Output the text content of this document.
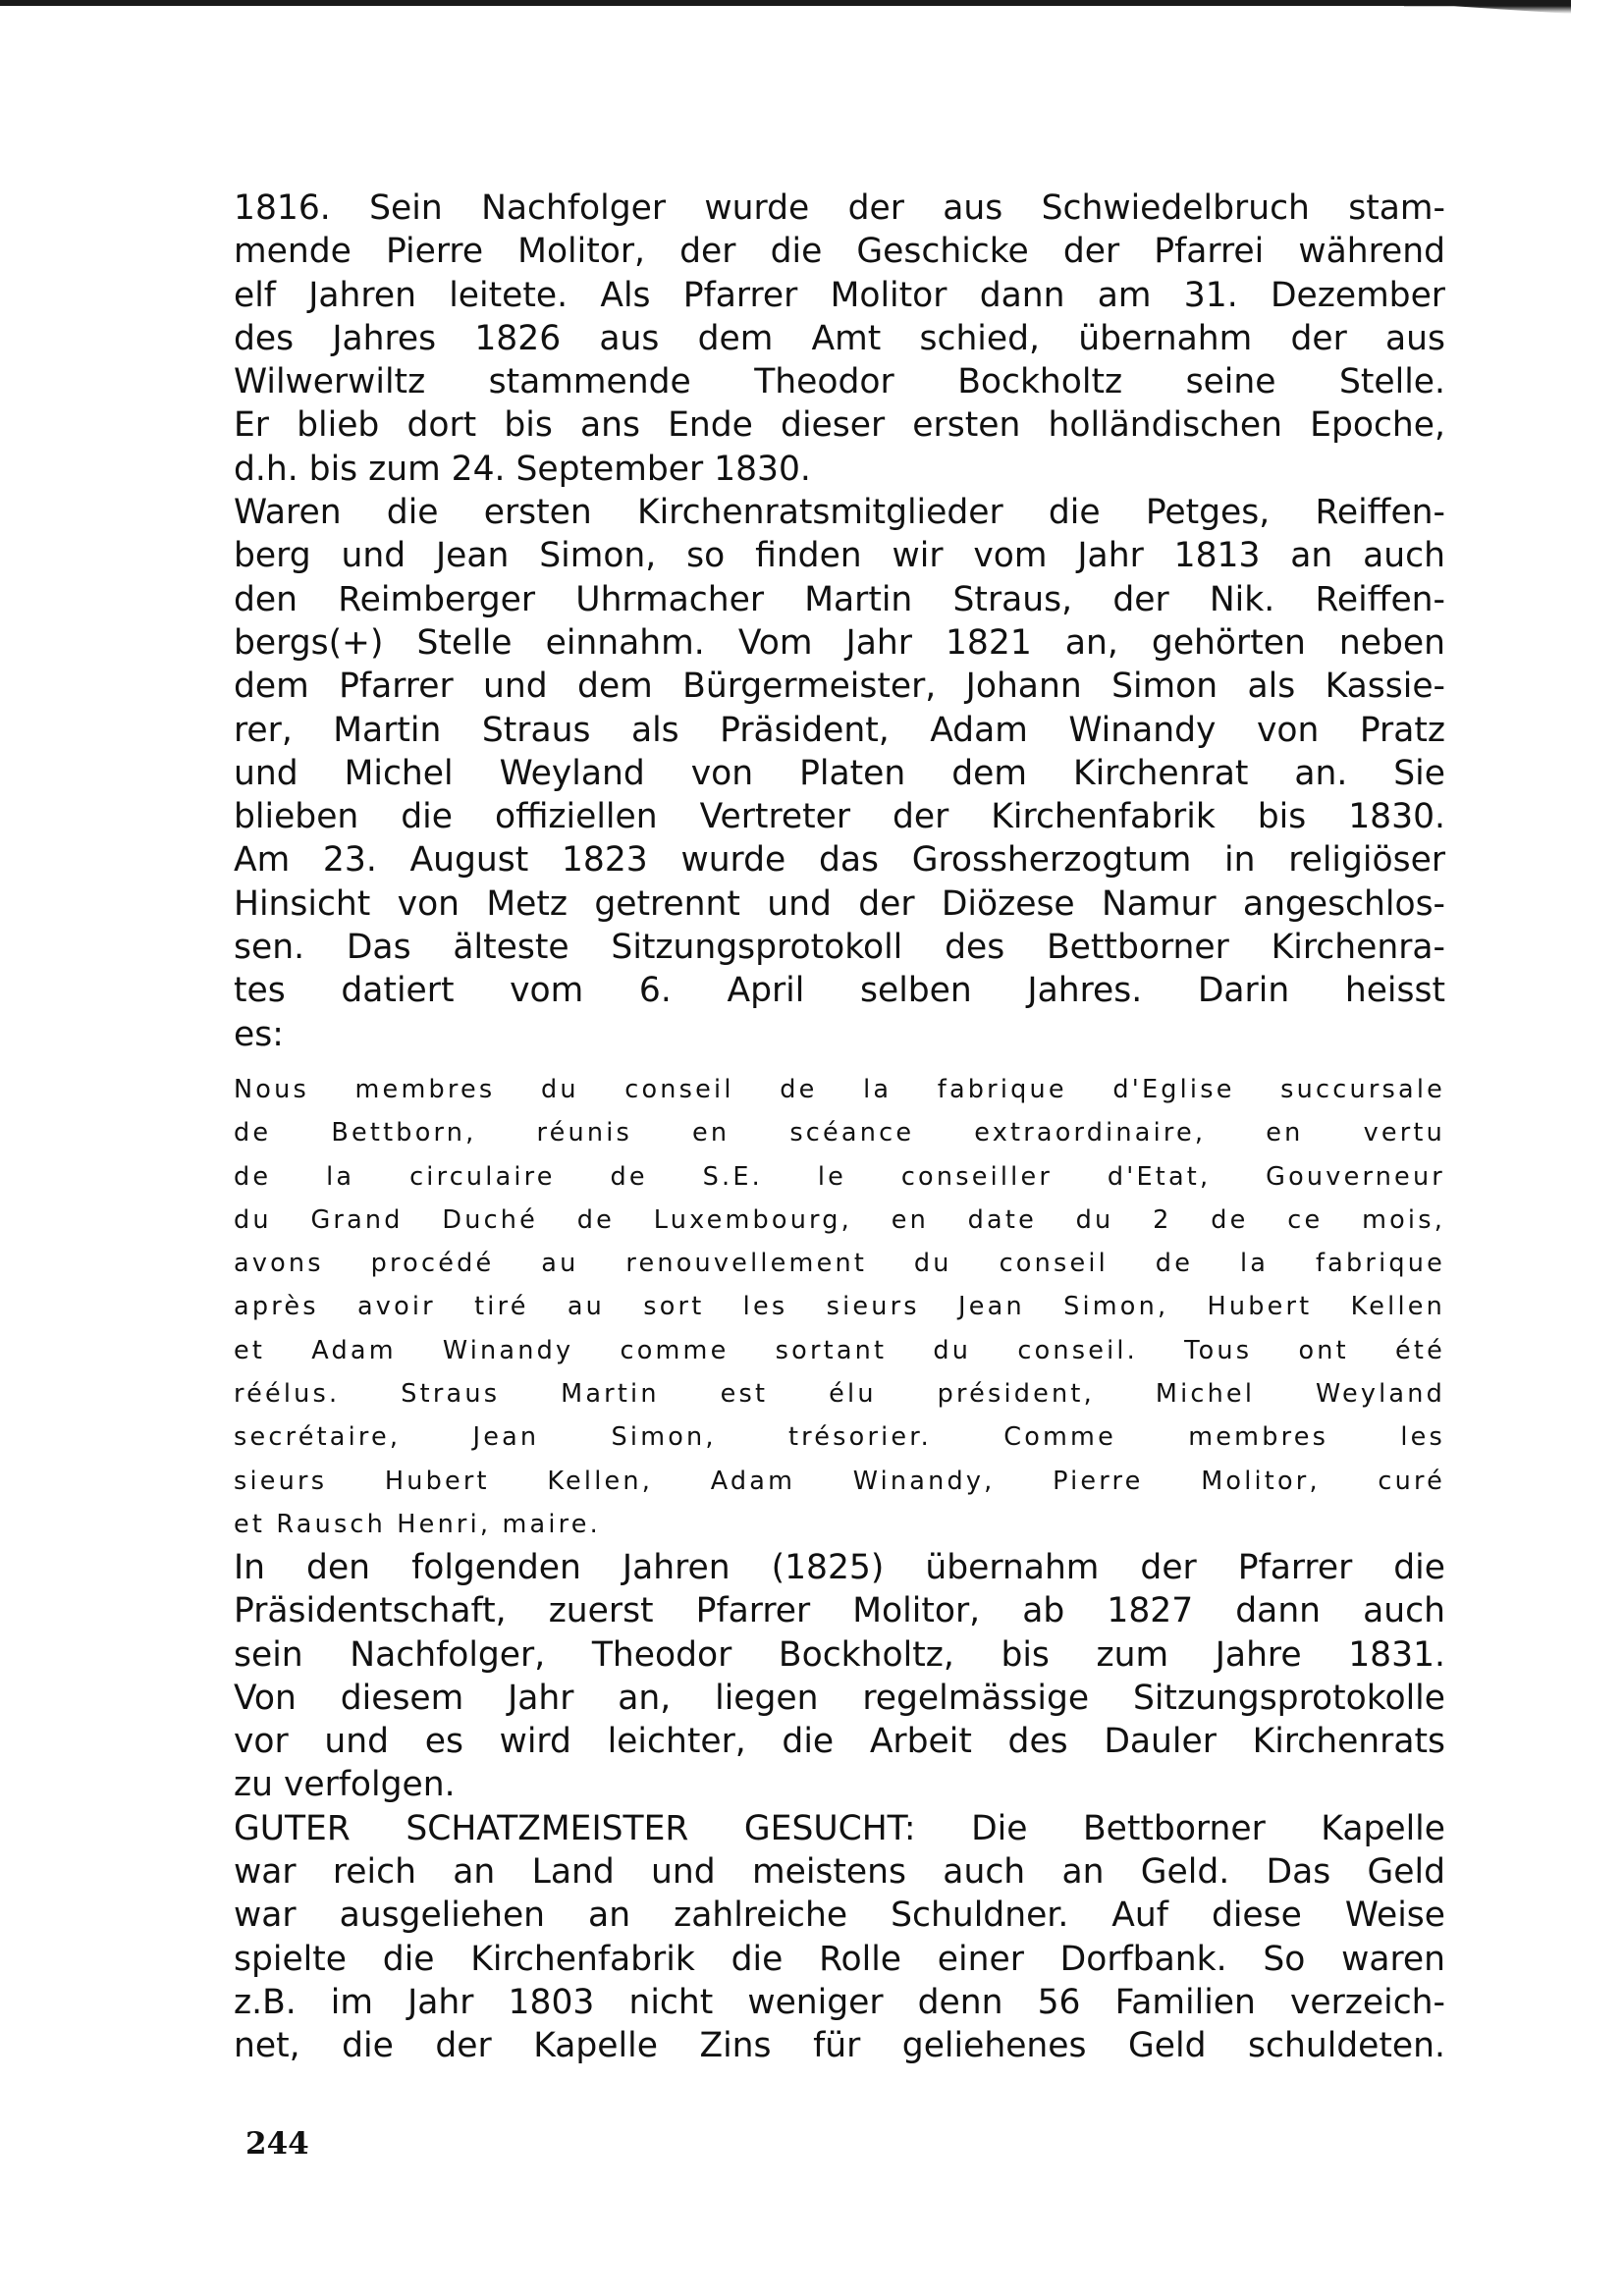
1816. Sein Nachfolger wurde der aus Schwiedelbruch stam-
mende Pierre Molitor, der die Geschicke der Pfarrei während
elf Jahren leitete. Als Pfarrer Molitor dann am 31. Dezember
des Jahres 1826 aus dem Amt schied, übernahm der aus
Wilwerwiltz stammende Theodor Bockholtz seine Stelle.
Er blieb dort bis ans Ende dieser ersten holländischen Epoche,
d.h. bis zum 24. September 1830.
Waren die ersten Kirchenratsmitglieder die Petges, Reiffen-
berg und Jean Simon, so finden wir vom Jahr 1813 an auch
den Reimberger Uhrmacher Martin Straus, der Nik. Reiffen-
bergs(+) Stelle einnahm. Vom Jahr 1821 an, gehörten neben
dem Pfarrer und dem Bürgermeister, Johann Simon als Kassie-
rer, Martin Straus als Präsident, Adam Winandy von Pratz
und Michel Weyland von Platen dem Kirchenrat an. Sie
blieben die offiziellen Vertreter der Kirchenfabrik bis 1830.
Am 23. August 1823 wurde das Grossherzogtum in religiöser
Hinsicht von Metz getrennt und der Diözese Namur angeschlos-
sen. Das älteste Sitzungsprotokoll des Bettborner Kirchenra-
tes datiert vom 6. April selben Jahres. Darin heisst
es:
Nous membres du conseil de la fabrique d'Eglise succursale
de Bettborn, réunis en scéance extraordinaire, en vertu
de la circulaire de S.E. le conseiller d'Etat, Gouverneur
du Grand Duché de Luxembourg, en date du 2 de ce mois,
avons procédé au renouvellement du conseil de la fabrique
après avoir tiré au sort les sieurs Jean Simon, Hubert Kellen
et Adam Winandy comme sortant du conseil. Tous ont été
réélus. Straus Martin est élu président, Michel Weyland
secrétaire, Jean Simon, trésorier. Comme membres les
sieurs Hubert Kellen, Adam Winandy, Pierre Molitor, curé
et Rausch Henri, maire.
In den folgenden Jahren (1825) übernahm der Pfarrer die
Präsidentschaft, zuerst Pfarrer Molitor, ab 1827 dann auch
sein Nachfolger, Theodor Bockholtz, bis zum Jahre 1831.
Von diesem Jahr an, liegen regelmässige Sitzungsprotokolle
vor und es wird leichter, die Arbeit des Dauler Kirchenrats
zu verfolgen.
GUTER SCHATZMEISTER GESUCHT: Die Bettborner Kapelle
war reich an Land und meistens auch an Geld. Das Geld
war ausgeliehen an zahlreiche Schuldner. Auf diese Weise
spielte die Kirchenfabrik die Rolle einer Dorfbank. So waren
z.B. im Jahr 1803 nicht weniger denn 56 Familien verzeich-
net, die der Kapelle Zins für geliehenes Geld schuldeten.
244
